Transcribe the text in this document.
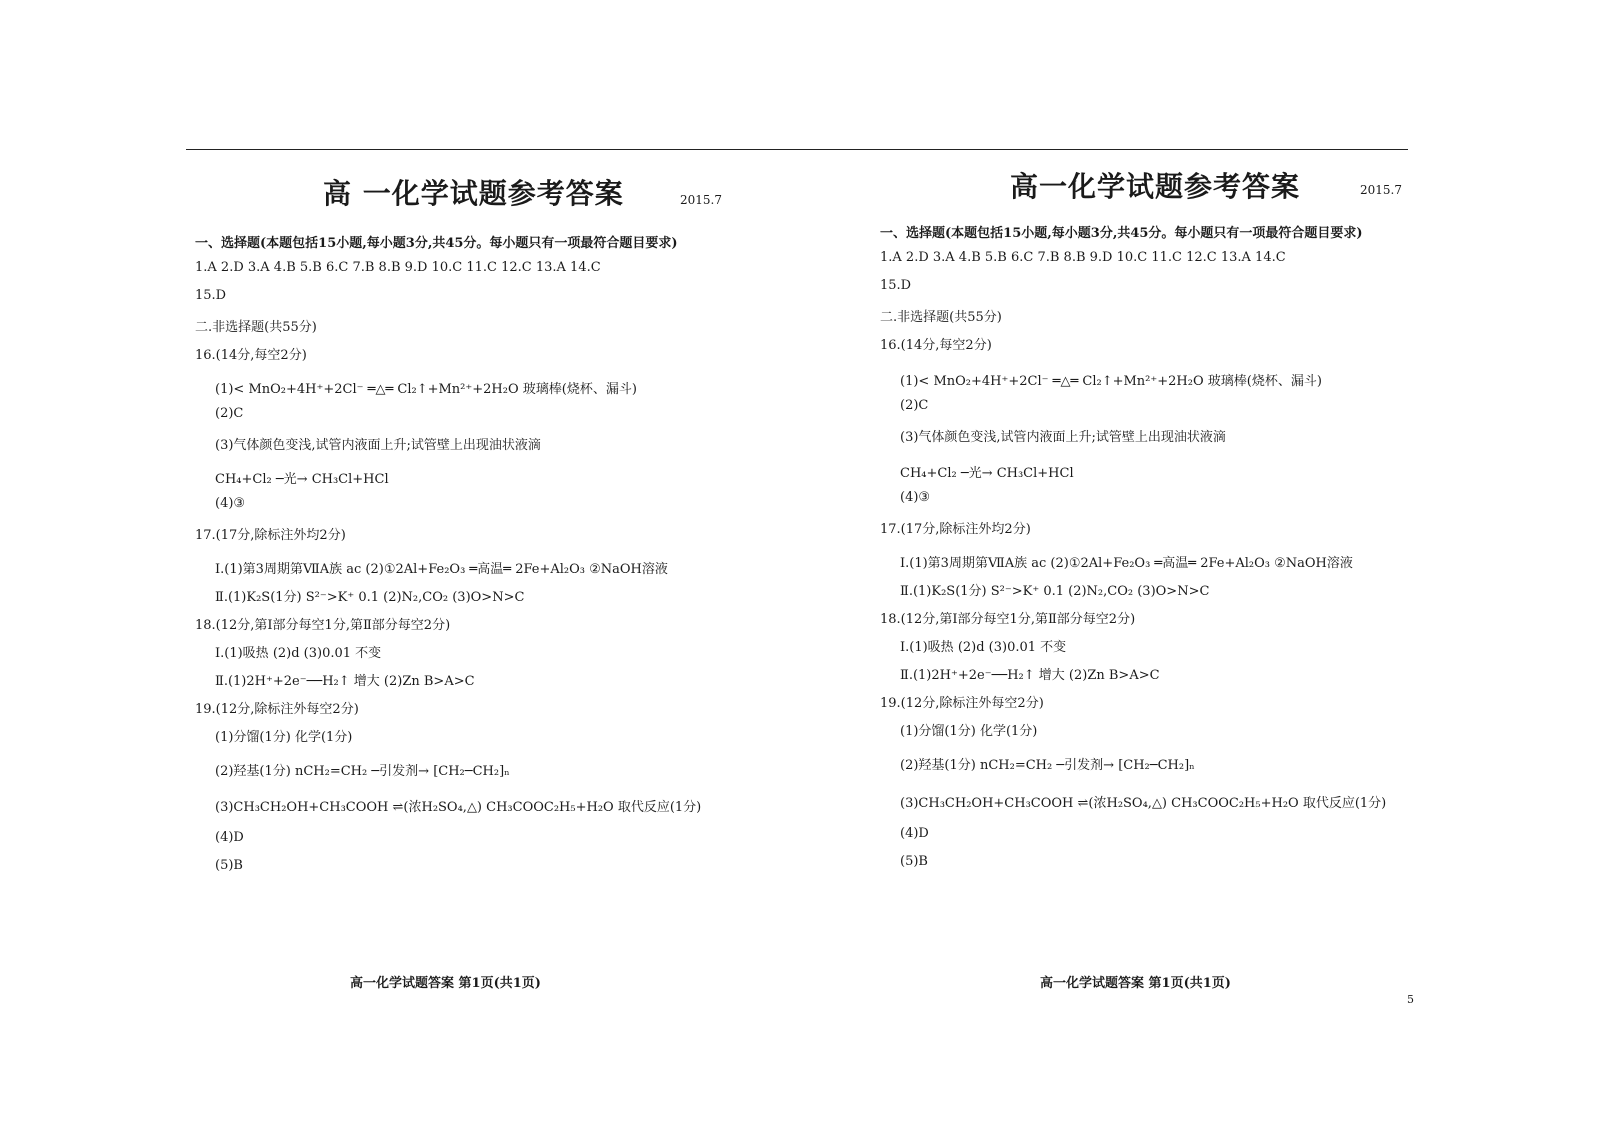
高 一化学试题参考答案	2015.7
一、选择题(本题包括15小题,每小题3分,共45分。每小题只有一项最符合题目要求)
1.A 2.D 3.A 4.B 5.B 6.C 7.B 8.B 9.D 10.C 11.C 12.C 13.A 14.C
15.D
二.非选择题(共55分)
16.(14分,每空2分)
(1)< MnO₂+4H⁺+2Cl⁻ ═△═ Cl₂↑+Mn²⁺+2H₂O 玻璃棒(烧杯、漏斗)
(2)C
(3)气体颜色变浅,试管内液面上升;试管壁上出现油状液滴
CH₄+Cl₂ ─光→ CH₃Cl+HCl
(4)③
17.(17分,除标注外均2分)
Ⅰ.(1)第3周期第ⅦA族 ac (2)①2Al+Fe₂O₃ ═高温═ 2Fe+Al₂O₃ ②NaOH溶液
Ⅱ.(1)K₂S(1分) S²⁻>K⁺ 0.1 (2)N₂,CO₂ (3)O>N>C
18.(12分,第Ⅰ部分每空1分,第Ⅱ部分每空2分)
Ⅰ.(1)吸热 (2)d (3)0.01 不变
Ⅱ.(1)2H⁺+2e⁻──H₂↑ 增大 (2)Zn B>A>C
19.(12分,除标注外每空2分)
(1)分馏(1分) 化学(1分)
(2)羟基(1分) nCH₂=CH₂ ─引发剂→ [CH₂─CH₂]ₙ
(3)CH₃CH₂OH+CH₃COOH ⇌(浓H₂SO₄,△) CH₃COOC₂H₅+H₂O 取代反应(1分)
(4)D
(5)B
高一化学试题答案 第1页(共1页)
高一化学试题参考答案	2015.7
一、选择题(本题包括15小题,每小题3分,共45分。每小题只有一项最符合题目要求)
1.A 2.D 3.A 4.B 5.B 6.C 7.B 8.B 9.D 10.C 11.C 12.C 13.A 14.C
15.D
二.非选择题(共55分)
16.(14分,每空2分)
(1)< MnO₂+4H⁺+2Cl⁻ ═△═ Cl₂↑+Mn²⁺+2H₂O 玻璃棒(烧杯、漏斗)
(2)C
(3)气体颜色变浅,试管内液面上升;试管壁上出现油状液滴
CH₄+Cl₂ ─光→ CH₃Cl+HCl
(4)③
17.(17分,除标注外均2分)
Ⅰ.(1)第3周期第ⅦA族 ac (2)①2Al+Fe₂O₃ ═高温═ 2Fe+Al₂O₃ ②NaOH溶液
Ⅱ.(1)K₂S(1分) S²⁻>K⁺ 0.1 (2)N₂,CO₂ (3)O>N>C
18.(12分,第Ⅰ部分每空1分,第Ⅱ部分每空2分)
Ⅰ.(1)吸热 (2)d (3)0.01 不变
Ⅱ.(1)2H⁺+2e⁻──H₂↑ 增大 (2)Zn B>A>C
19.(12分,除标注外每空2分)
(1)分馏(1分) 化学(1分)
(2)羟基(1分) nCH₂=CH₂ ─引发剂→ [CH₂─CH₂]ₙ
(3)CH₃CH₂OH+CH₃COOH ⇌(浓H₂SO₄,△) CH₃COOC₂H₅+H₂O 取代反应(1分)
(4)D
(5)B
高一化学试题答案 第1页(共1页)
5
